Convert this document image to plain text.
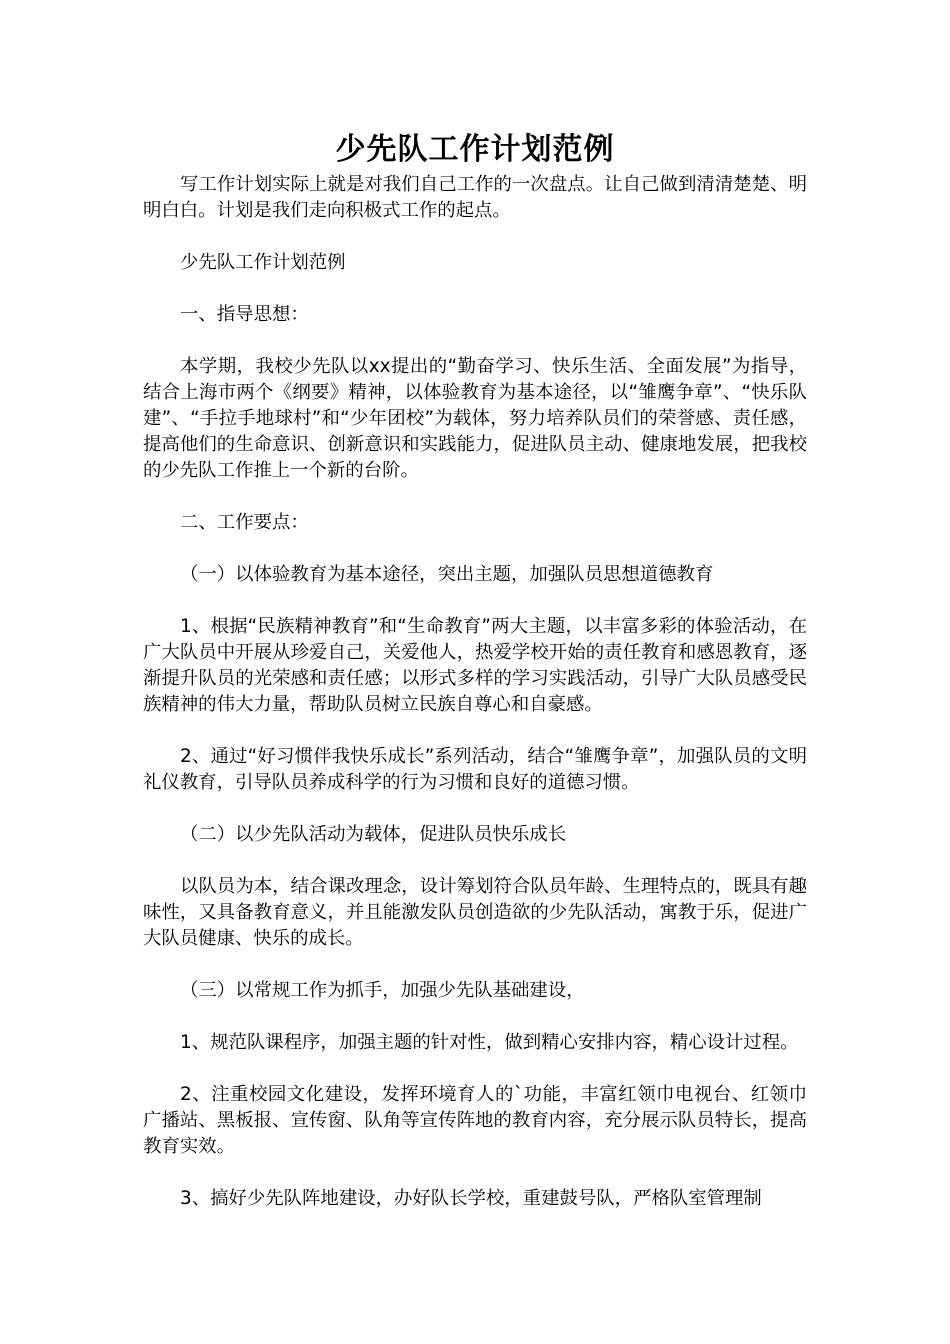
少先队工作计划范例

写工作计划实际上就是对我们自己工作的一次盘点。让自己做到清清楚楚、明明白白。计划是我们走向积极式工作的起点。

少先队工作计划范例

一、指导思想：

本学期，我校少先队以xx提出的“勤奋学习、快乐生活、全面发展”为指导，结合上海市两个《纲要》精神，以体验教育为基本途径，以“雏鹰争章”、“快乐队建”、“手拉手地球村”和“少年团校”为载体，努力培养队员们的荣誉感、责任感，提高他们的生命意识、创新意识和实践能力，促进队员主动、健康地发展，把我校的少先队工作推上一个新的台阶。

二、工作要点：

（一）以体验教育为基本途径，突出主题，加强队员思想道德教育

1、根据“民族精神教育”和“生命教育”两大主题，以丰富多彩的体验活动，在广大队员中开展从珍爱自己，关爱他人，热爱学校开始的责任教育和感恩教育，逐渐提升队员的光荣感和责任感；以形式多样的学习实践活动，引导广大队员感受民族精神的伟大力量，帮助队员树立民族自尊心和自豪感。

2、通过“好习惯伴我快乐成长”系列活动，结合“雏鹰争章”，加强队员的文明礼仪教育，引导队员养成科学的行为习惯和良好的道德习惯。

（二）以少先队活动为载体，促进队员快乐成长

以队员为本，结合课改理念，设计筹划符合队员年龄、生理特点的，既具有趣味性，又具备教育意义，并且能激发队员创造欲的少先队活动，寓教于乐，促进广大队员健康、快乐的成长。

（三）以常规工作为抓手，加强少先队基础建设，

1、规范队课程序，加强主题的针对性，做到精心安排内容，精心设计过程。

2、注重校园文化建设，发挥环境育人的`功能，丰富红领巾电视台、红领巾广播站、黑板报、宣传窗、队角等宣传阵地的教育内容，充分展示队员特长，提高教育实效。

3、搞好少先队阵地建设，办好队长学校，重建鼓号队，严格队室管理制
